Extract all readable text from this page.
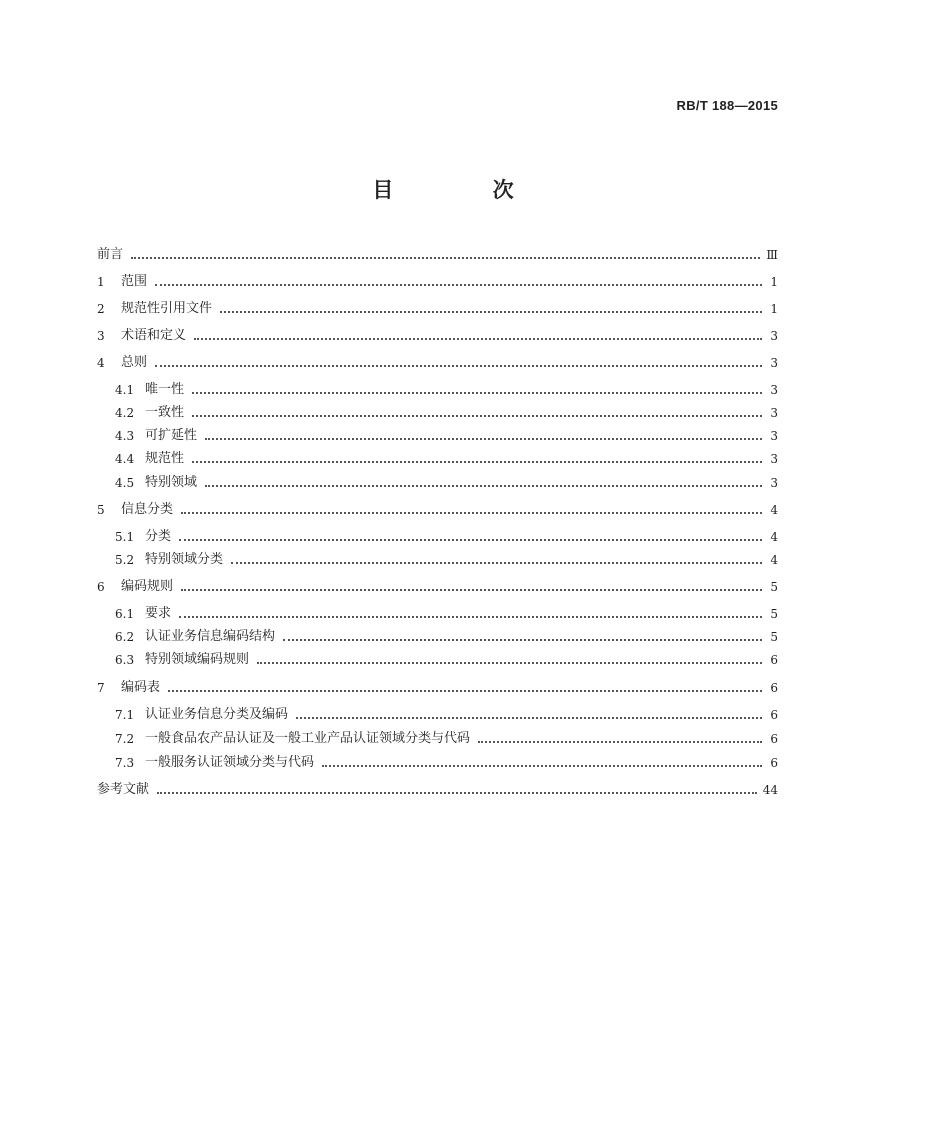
RB/T 188—2015
目 次
前言	Ⅲ
1	范围	1
2	规范性引用文件	1
3	术语和定义	3
4	总则	3
4.1 唯一性	3
4.2 一致性	3
4.3 可扩延性	3
4.4 规范性	3
4.5 特别领域	3
5	信息分类	4
5.1 分类	4
5.2 特别领域分类	4
6	编码规则	5
6.1 要求	5
6.2 认证业务信息编码结构	5
6.3 特别领域编码规则	6
7	编码表	6
7.1 认证业务信息分类及编码	6
7.2 一般食品农产品认证及一般工业产品认证领域分类与代码	6
7.3 一般服务认证领域分类与代码	6
参考文献	44
